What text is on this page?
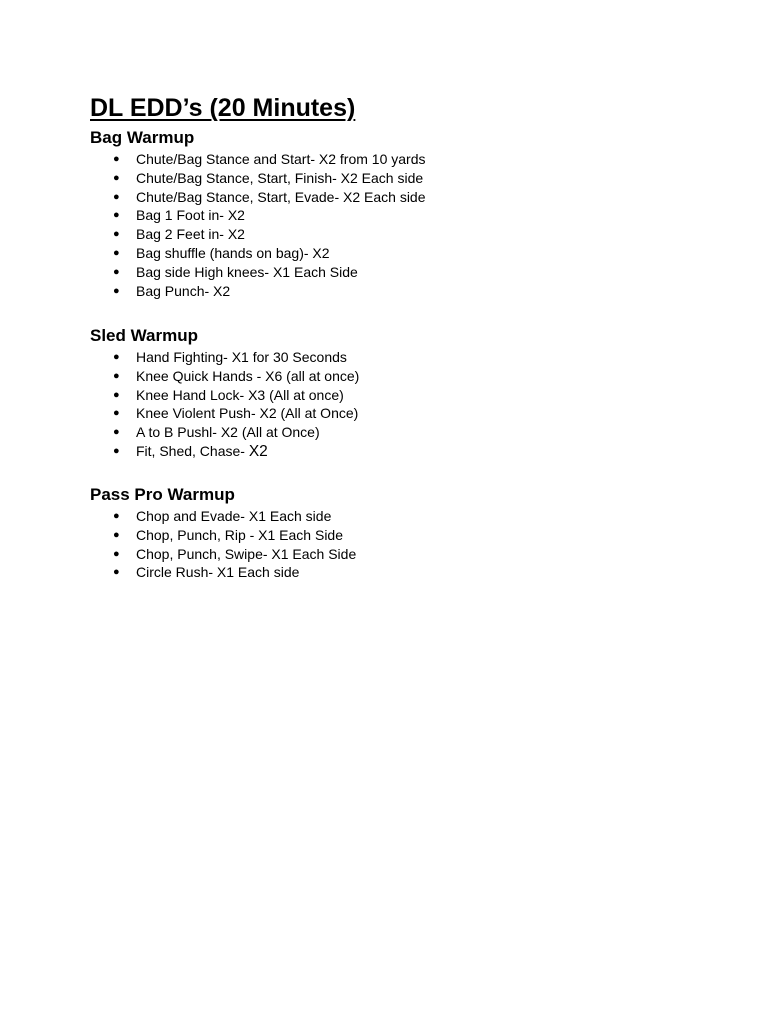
DL EDD’s (20 Minutes)
Bag Warmup
● Chute/Bag Stance and Start- X2 from 10 yards
● Chute/Bag Stance, Start, Finish- X2 Each side
● Chute/Bag Stance, Start, Evade- X2 Each side
● Bag 1 Foot in- X2
● Bag 2 Feet in- X2
● Bag shuffle (hands on bag)- X2
● Bag side High knees- X1 Each Side
● Bag Punch- X2
Sled Warmup
● Hand Fighting- X1 for 30 Seconds
● Knee Quick Hands - X6 (all at once)
● Knee Hand Lock- X3 (All at once)
● Knee Violent Push- X2 (All at Once)
● A to B Pushl- X2 (All at Once)
● Fit, Shed, Chase- X2
Pass Pro Warmup
● Chop and Evade- X1 Each side
● Chop, Punch, Rip - X1 Each Side
● Chop, Punch, Swipe- X1 Each Side
● Circle Rush- X1 Each side
